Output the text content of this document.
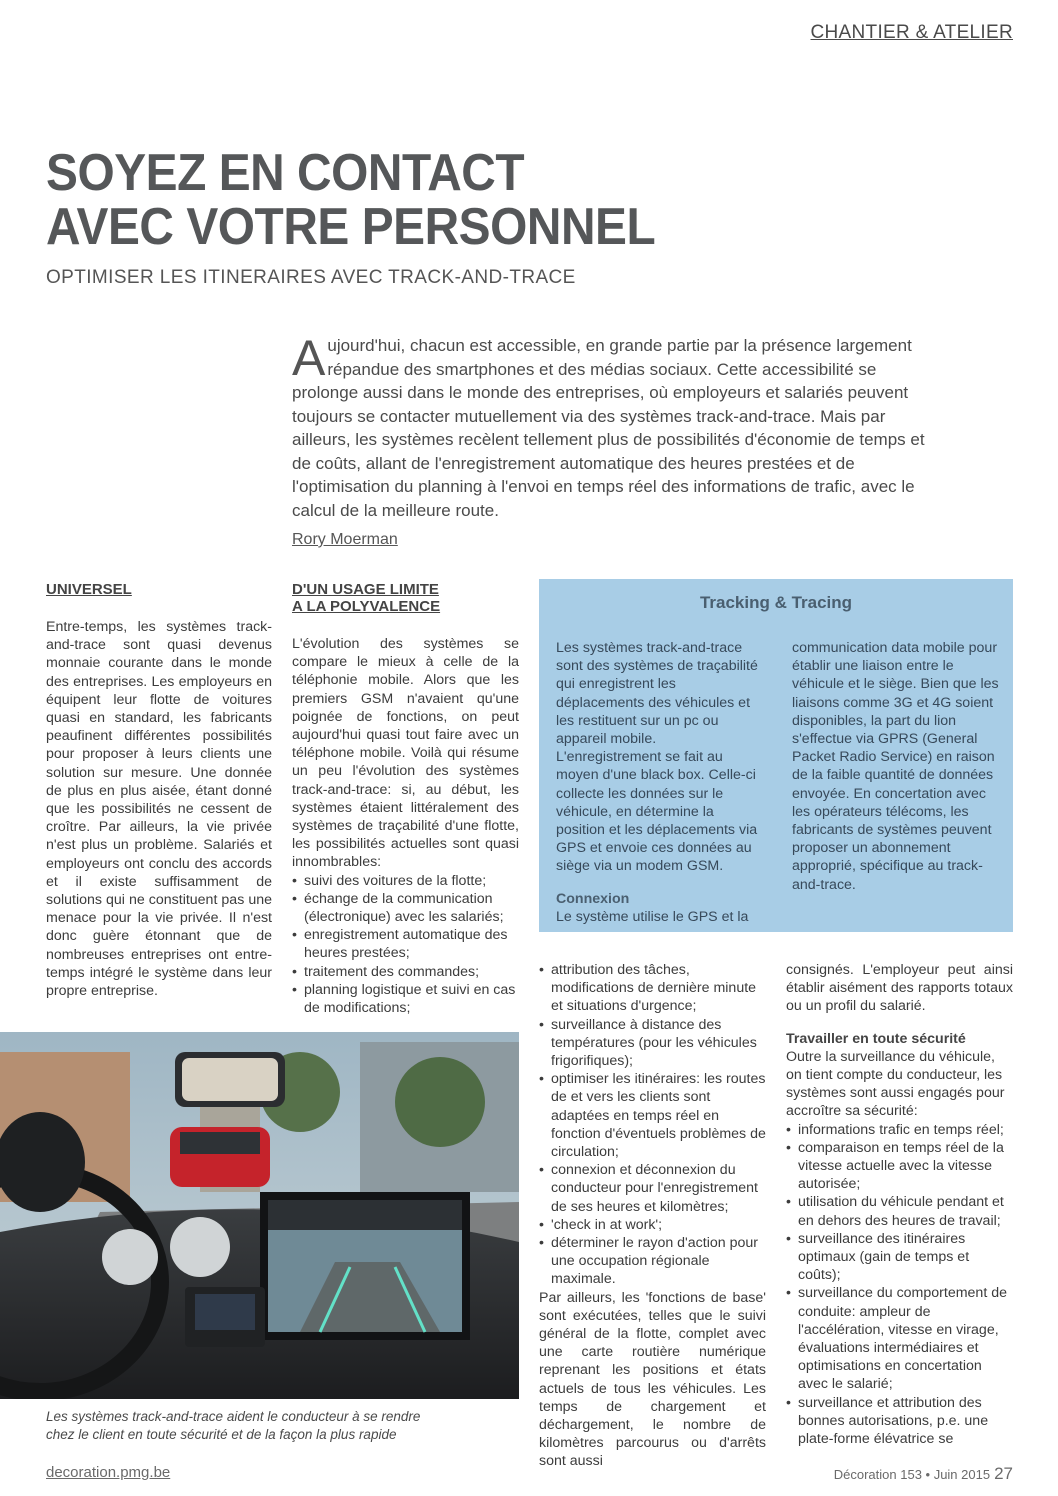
CHANTIER & ATELIER
SOYEZ EN CONTACT
AVEC VOTRE PERSONNEL
OPTIMISER LES ITINERAIRES AVEC TRACK-AND-TRACE
Aujourd'hui, chacun est accessible, en grande partie par la présence largement répandue des smartphones et des médias sociaux. Cette accessibilité se prolonge aussi dans le monde des entreprises, où employeurs et salariés peuvent toujours se contacter mutuellement via des systèmes track-and-trace. Mais par ailleurs, les systèmes recèlent tellement plus de possibilités d'économie de temps et de coûts, allant de l'enregistrement automatique des heures prestées et de l'optimisation du planning à l'envoi en temps réel des informations de trafic, avec le calcul de la meilleure route.
Rory Moerman
UNIVERSEL

Entre-temps, les systèmes track-and-trace sont quasi devenus monnaie courante dans le monde des entreprises. Les employeurs en équipent leur flotte de voitures quasi en standard, les fabricants peaufinent différentes possibilités pour proposer à leurs clients une solution sur mesure. Une donnée de plus en plus aisée, étant donné que les possibilités ne cessent de croître. Par ailleurs, la vie privée n'est plus un problème. Salariés et employeurs ont conclu des accords et il existe suffisamment de solutions qui ne constituent pas une menace pour la vie privée. Il n'est donc guère étonnant que de nombreuses entreprises ont entre-temps intégré le système dans leur propre entreprise.

D'UN USAGE LIMITE
A LA POLYVALENCE

L'évolution des systèmes se compare le mieux à celle de la téléphonie mobile. Alors que les premiers GSM n'avaient qu'une poignée de fonctions, on peut aujourd'hui quasi tout faire avec un téléphone mobile. Voilà qui résume un peu l'évolution des systèmes track-and-trace: si, au début, les systèmes étaient littéralement des systèmes de traçabilité d'une flotte, les possibilités actuelles sont quasi innombrables:

• suivi des voitures de la flotte;
• échange de la communication (électronique) avec les salariés;
• enregistrement automatique des heures prestées;
• traitement des commandes;
• planning logistique et suivi en cas de modifications;
Tracking & Tracing
Les systèmes track-and-trace sont des systèmes de traçabilité qui enregistrent les déplacements des véhicules et les restituent sur un pc ou appareil mobile. L'enregistrement se fait au moyen d'une black box. Celle-ci collecte les données sur le véhicule, en détermine la position et les déplacements via GPS et envoie ces données au siège via un modem GSM.
Connexion
Le système utilise le GPS et la
communication data mobile pour établir une liaison entre le véhicule et le siège. Bien que les liaisons comme 3G et 4G soient disponibles, la part du lion s'effectue via GPRS (General Packet Radio Service) en raison de la faible quantité de données envoyée. En concertation avec les opérateurs télécoms, les fabricants de systèmes peuvent proposer un abonnement approprié, spécifique au track-and-trace.
• attribution des tâches, modifications de dernière minute et situations d'urgence;
• surveillance à distance des températures (pour les véhicules frigorifiques);
• optimiser les itinéraires: les routes de et vers les clients sont adaptées en temps réel en fonction d'éventuels problèmes de circulation;
• connexion et déconnexion du conducteur pour l'enregistrement de ses heures et kilomètres;
• 'check in at work';
• déterminer le rayon d'action pour une occupation régionale maximale.

Par ailleurs, les 'fonctions de base' sont exécutées, telles que le suivi général de la flotte, complet avec une carte routière numérique reprenant les positions et états actuels de tous les véhicules. Les temps de chargement et déchargement, le nombre de kilomètres parcourus ou d'arrêts sont aussi

consignés. L'employeur peut ainsi établir aisément des rapports totaux ou un profil du salarié.

Travailler en toute sécurité

Outre la surveillance du véhicule, on tient compte du conducteur, les systèmes sont aussi engagés pour accroître sa sécurité:

• informations trafic en temps réel;
• comparaison en temps réel de la vitesse actuelle avec la vitesse autorisée;
• utilisation du véhicule pendant et en dehors des heures de travail;
• surveillance des itinéraires optimaux (gain de temps et coûts);
• surveillance du comportement de conduite: ampleur de l'accélération, vitesse en virage, évaluations intermédiaires et optimisations en concertation avec le salarié;
• surveillance et attribution des bonnes autorisations, p.e. une plate-forme élévatrice se
Les systèmes track-and-trace aident le conducteur à se rendre
chez le client en toute sécurité et de la façon la plus rapide
decoration.pmg.be	Décoration 153 • Juin 2015 27
